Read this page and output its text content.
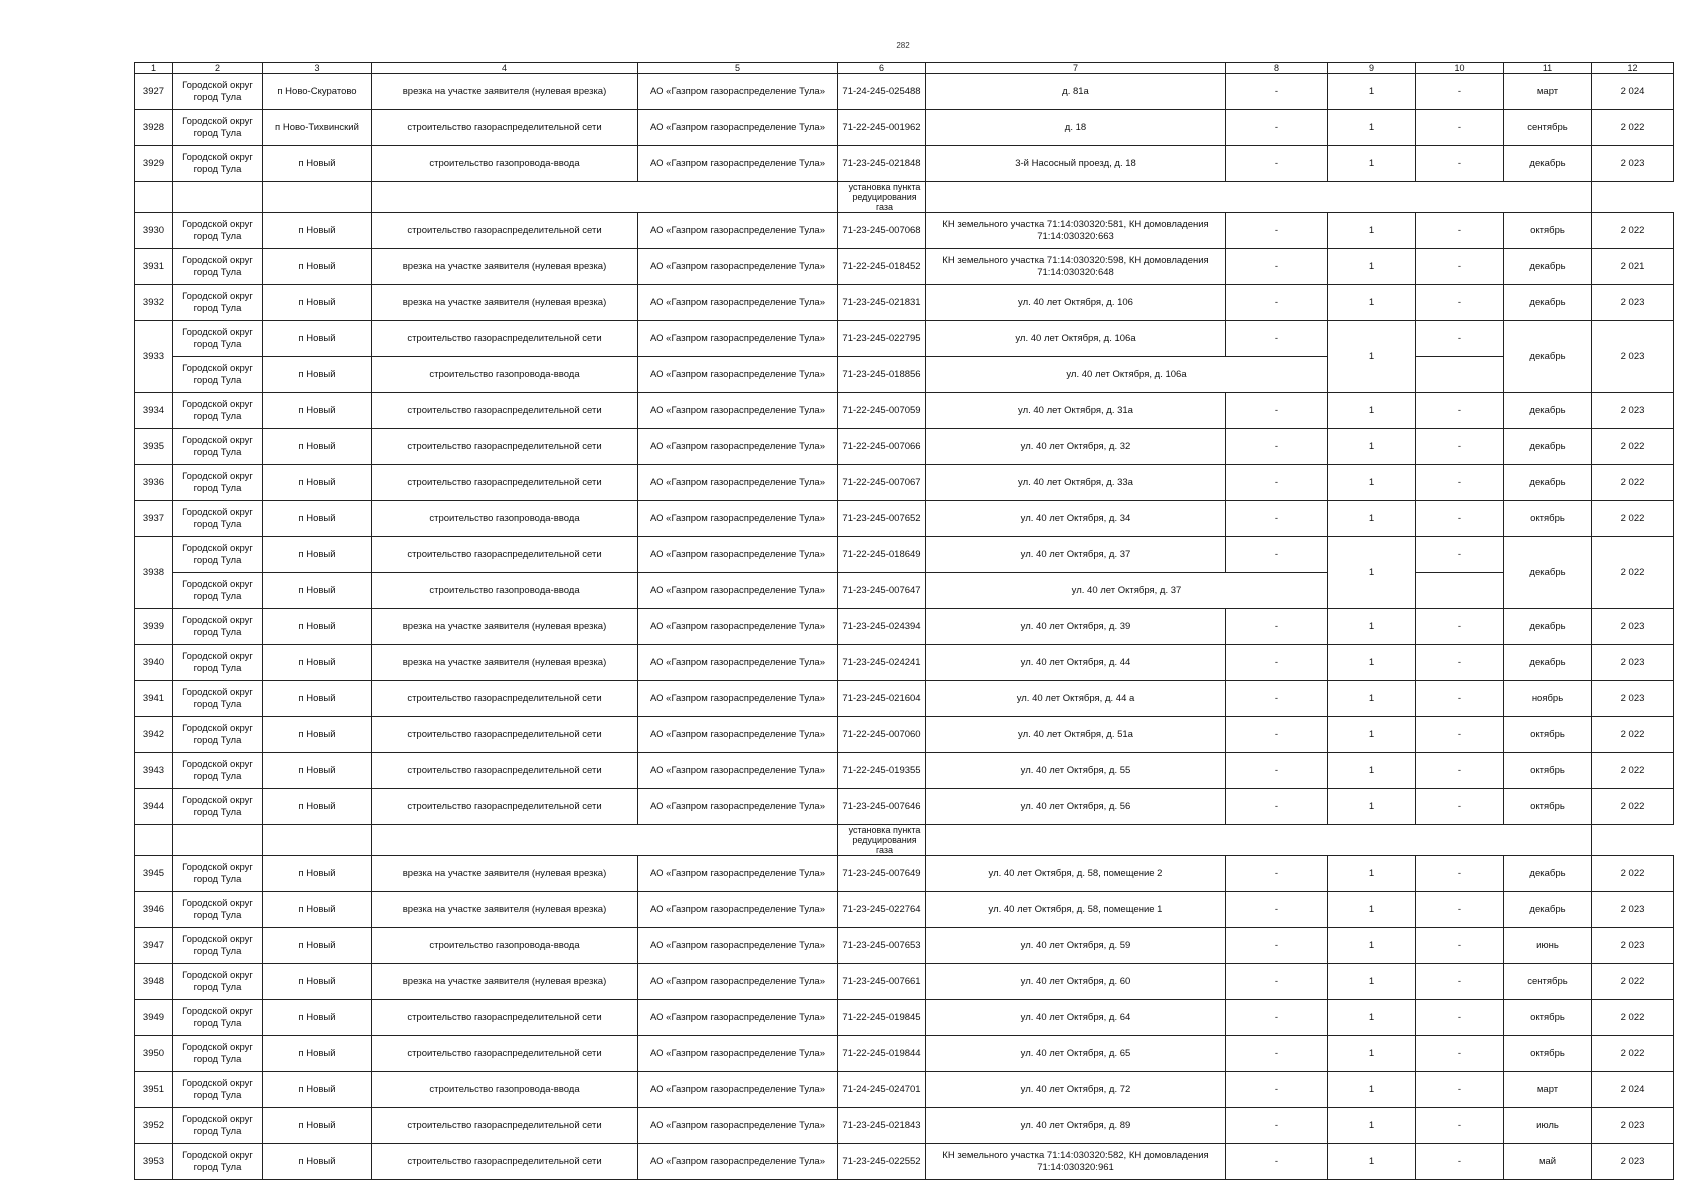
282
1	2	3	4	5	6	7	8	9	10	11	12
3927	Городской округ город Тула	п Ново-Скуратово	врезка на участке заявителя (нулевая врезка)	АО «Газпром газораспределение Тула»	71-24-245-025488	д. 81а	-	1	-	март	2 024
3928	Городской округ город Тула	п Ново-Тихвинский	строительство газораспределительной сети	АО «Газпром газораспределение Тула»	71-22-245-001962	д. 18	-	1	-	сентябрь	2 022
3929	Городской округ город Тула	п Новый	строительство газопровода-ввода	АО «Газпром газораспределение Тула»	71-23-245-021848	3-й Насосный проезд, д. 18	-	1	-	декабрь	2 023
					установка пункта редуцирования газа						
3930	Городской округ город Тула	п Новый	строительство газораспределительной сети	АО «Газпром газораспределение Тула»	71-23-245-007068	КН земельного участка 71:14:030320:581, КН домовладения 71:14:030320:663	-	1	-	октябрь	2 022
3931	Городской округ город Тула	п Новый	врезка на участке заявителя (нулевая врезка)	АО «Газпром газораспределение Тула»	71-22-245-018452	КН земельного участка 71:14:030320:598, КН домовладения 71:14:030320:648	-	1	-	декабрь	2 021
3932	Городской округ город Тула	п Новый	врезка на участке заявителя (нулевая врезка)	АО «Газпром газораспределение Тула»	71-23-245-021831	ул. 40 лет Октября, д. 106	-	1	-	декабрь	2 023
3933	Городской округ город Тула	п Новый	строительство газораспределительной сети	АО «Газпром газораспределение Тула»	71-23-245-022795	ул. 40 лет Октября, д. 106а	-	1	-	декабрь	2 023
	Городской округ город Тула	п Новый	строительство газопровода-ввода	АО «Газпром газораспределение Тула»	71-23-245-018856	ул. 40 лет Октября, д. 106а					
3934	Городской округ город Тула	п Новый	строительство газораспределительной сети	АО «Газпром газораспределение Тула»	71-22-245-007059	ул. 40 лет Октября, д. 31а	-	1	-	декабрь	2 023
3935	Городской округ город Тула	п Новый	строительство газораспределительной сети	АО «Газпром газораспределение Тула»	71-22-245-007066	ул. 40 лет Октября, д. 32	-	1	-	декабрь	2 022
3936	Городской округ город Тула	п Новый	строительство газораспределительной сети	АО «Газпром газораспределение Тула»	71-22-245-007067	ул. 40 лет Октября, д. 33а	-	1	-	декабрь	2 022
3937	Городской округ город Тула	п Новый	строительство газопровода-ввода	АО «Газпром газораспределение Тула»	71-23-245-007652	ул. 40 лет Октября, д. 34	-	1	-	октябрь	2 022
3938	Городской округ город Тула	п Новый	строительство газораспределительной сети	АО «Газпром газораспределение Тула»	71-22-245-018649	ул. 40 лет Октября, д. 37	-	1	-	декабрь	2 022
	Городской округ город Тула	п Новый	строительство газопровода-ввода	АО «Газпром газораспределение Тула»	71-23-245-007647	ул. 40 лет Октября, д. 37					
3939	Городской округ город Тула	п Новый	врезка на участке заявителя (нулевая врезка)	АО «Газпром газораспределение Тула»	71-23-245-024394	ул. 40 лет Октября, д. 39	-	1	-	декабрь	2 023
3940	Городской округ город Тула	п Новый	врезка на участке заявителя (нулевая врезка)	АО «Газпром газораспределение Тула»	71-23-245-024241	ул. 40 лет Октября, д. 44	-	1	-	декабрь	2 023
3941	Городской округ город Тула	п Новый	строительство газораспределительной сети	АО «Газпром газораспределение Тула»	71-23-245-021604	ул. 40 лет Октября, д. 44 а	-	1	-	ноябрь	2 023
3942	Городской округ город Тула	п Новый	строительство газораспределительной сети	АО «Газпром газораспределение Тула»	71-22-245-007060	ул. 40 лет Октября, д. 51а	-	1	-	октябрь	2 022
3943	Городской округ город Тула	п Новый	строительство газораспределительной сети	АО «Газпром газораспределение Тула»	71-22-245-019355	ул. 40 лет Октября, д. 55	-	1	-	октябрь	2 022
3944	Городской округ город Тула	п Новый	строительство газораспределительной сети	АО «Газпром газораспределение Тула»	71-23-245-007646	ул. 40 лет Октября, д. 56	-	1	-	октябрь	2 022
					установка пункта редуцирования газа						
3945	Городской округ город Тула	п Новый	врезка на участке заявителя (нулевая врезка)	АО «Газпром газораспределение Тула»	71-23-245-007649	ул. 40 лет Октября, д. 58, помещение 2	-	1	-	декабрь	2 022
3946	Городской округ город Тула	п Новый	врезка на участке заявителя (нулевая врезка)	АО «Газпром газораспределение Тула»	71-23-245-022764	ул. 40 лет Октября, д. 58, помещение 1	-	1	-	декабрь	2 023
3947	Городской округ город Тула	п Новый	строительство газопровода-ввода	АО «Газпром газораспределение Тула»	71-23-245-007653	ул. 40 лет Октября, д. 59	-	1	-	июнь	2 023
3948	Городской округ город Тула	п Новый	врезка на участке заявителя (нулевая врезка)	АО «Газпром газораспределение Тула»	71-23-245-007661	ул. 40 лет Октября, д. 60	-	1	-	сентябрь	2 022
3949	Городской округ город Тула	п Новый	строительство газораспределительной сети	АО «Газпром газораспределение Тула»	71-22-245-019845	ул. 40 лет Октября, д. 64	-	1	-	октябрь	2 022
3950	Городской округ город Тула	п Новый	строительство газораспределительной сети	АО «Газпром газораспределение Тула»	71-22-245-019844	ул. 40 лет Октября, д. 65	-	1	-	октябрь	2 022
3951	Городской округ город Тула	п Новый	строительство газопровода-ввода	АО «Газпром газораспределение Тула»	71-24-245-024701	ул. 40 лет Октября, д. 72	-	1	-	март	2 024
3952	Городской округ город Тула	п Новый	строительство газораспределительной сети	АО «Газпром газораспределение Тула»	71-23-245-021843	ул. 40 лет Октября, д. 89	-	1	-	июль	2 023
3953	Городской округ город Тула	п Новый	строительство газораспределительной сети	АО «Газпром газораспределение Тула»	71-23-245-022552	КН земельного участка 71:14:030320:582, КН домовладения 71:14:030320:961	-	1	-	май	2 023
